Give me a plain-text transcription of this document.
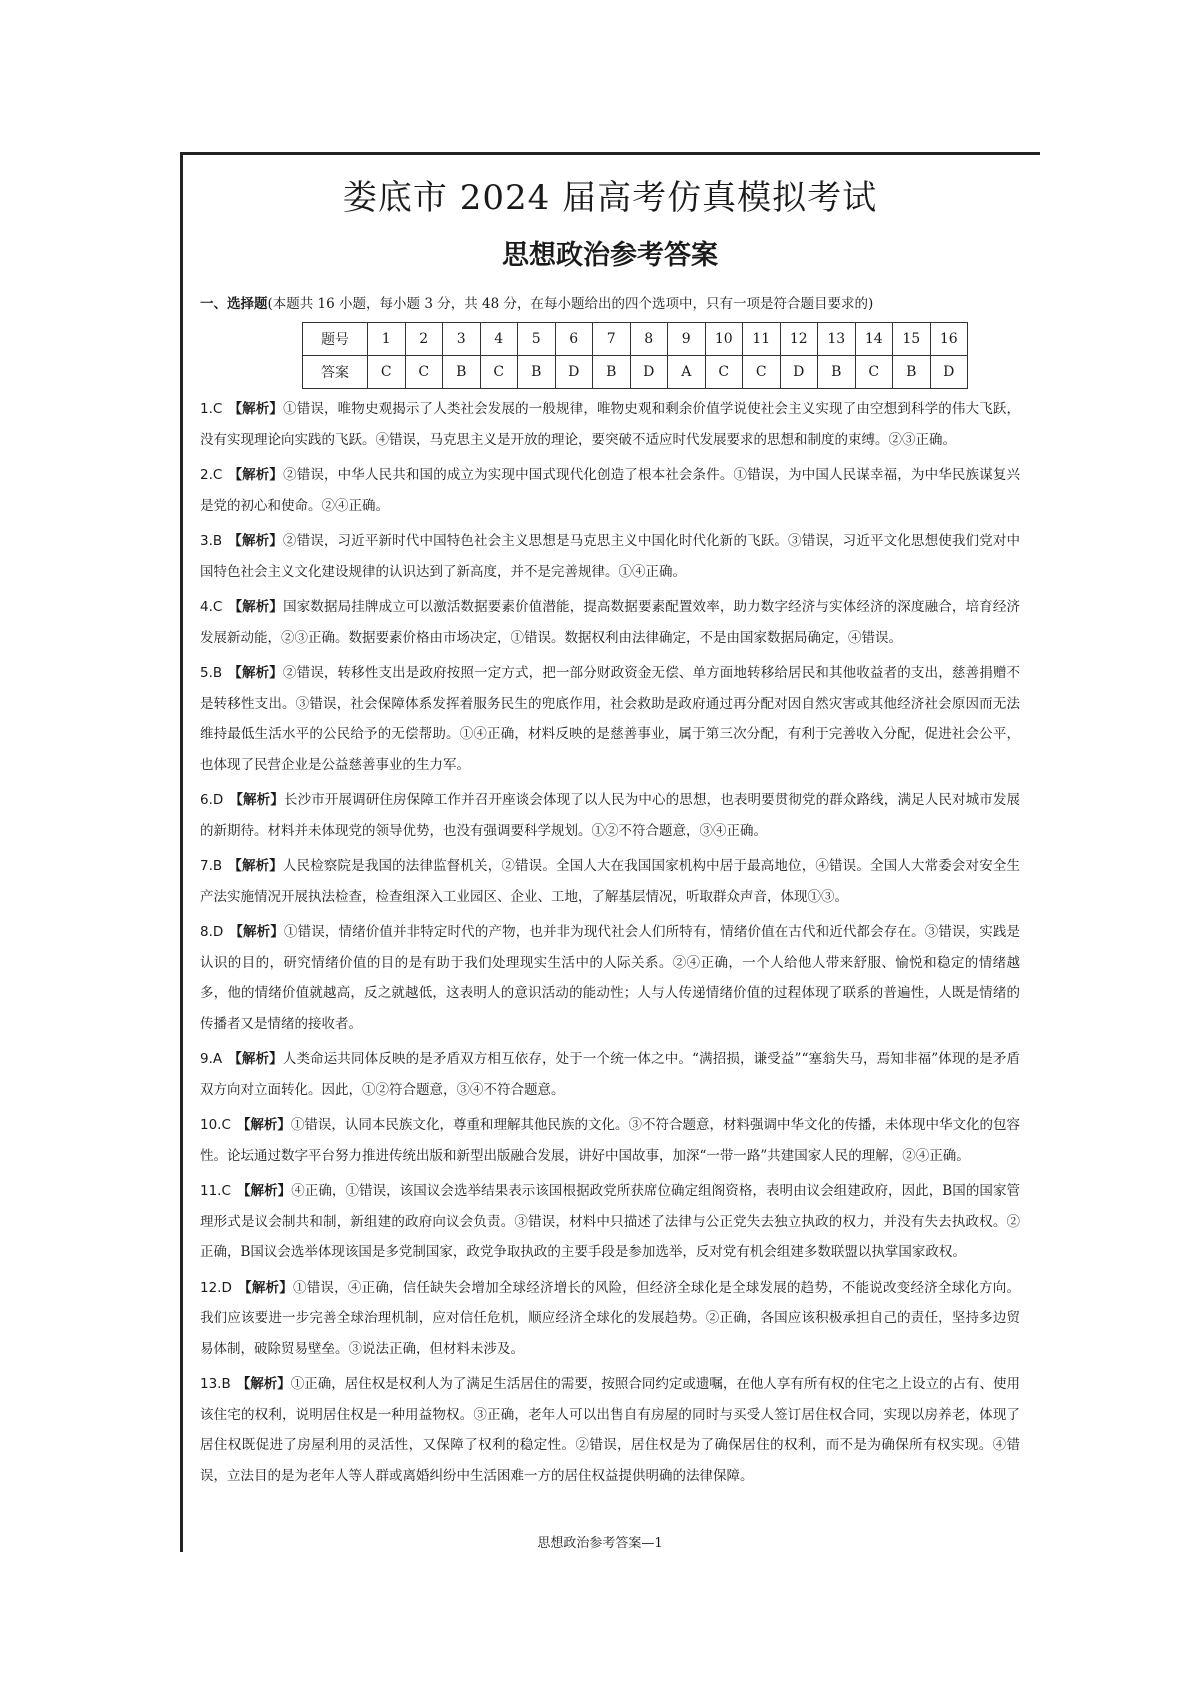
娄底市 2024 届高考仿真模拟考试
思想政治参考答案
一、选择题(本题共 16 小题，每小题 3 分，共 48 分，在每小题给出的四个选项中，只有一项是符合题目要求的)
题号	1	2	3	4	5	6	7	8	9	10	11	12	13	14	15	16
答案	C	C	B	C	B	D	B	D	A	C	C	D	B	C	B	D
1.C 【解析】①错误，唯物史观揭示了人类社会发展的一般规律，唯物史观和剩余价值学说使社会主义实现了由空想到科学的伟大飞跃，没有实现理论向实践的飞跃。④错误，马克思主义是开放的理论，要突破不适应时代发展要求的思想和制度的束缚。②③正确。
2.C 【解析】②错误，中华人民共和国的成立为实现中国式现代化创造了根本社会条件。①错误，为中国人民谋幸福，为中华民族谋复兴是党的初心和使命。②④正确。
3.B 【解析】②错误，习近平新时代中国特色社会主义思想是马克思主义中国化时代化新的飞跃。③错误，习近平文化思想使我们党对中国特色社会主义文化建设规律的认识达到了新高度，并不是完善规律。①④正确。
4.C 【解析】国家数据局挂牌成立可以激活数据要素价值潜能，提高数据要素配置效率，助力数字经济与实体经济的深度融合，培育经济发展新动能，②③正确。数据要素价格由市场决定，①错误。数据权利由法律确定，不是由国家数据局确定，④错误。
5.B 【解析】②错误，转移性支出是政府按照一定方式，把一部分财政资金无偿、单方面地转移给居民和其他收益者的支出，慈善捐赠不是转移性支出。③错误，社会保障体系发挥着服务民生的兜底作用，社会救助是政府通过再分配对因自然灾害或其他经济社会原因而无法维持最低生活水平的公民给予的无偿帮助。①④正确，材料反映的是慈善事业，属于第三次分配，有利于完善收入分配，促进社会公平，也体现了民营企业是公益慈善事业的生力军。
6.D 【解析】长沙市开展调研住房保障工作并召开座谈会体现了以人民为中心的思想，也表明要贯彻党的群众路线，满足人民对城市发展的新期待。材料并未体现党的领导优势，也没有强调要科学规划。①②不符合题意，③④正确。
7.B 【解析】人民检察院是我国的法律监督机关，②错误。全国人大在我国国家机构中居于最高地位，④错误。全国人大常委会对安全生产法实施情况开展执法检查，检查组深入工业园区、企业、工地，了解基层情况，听取群众声音，体现①③。
8.D 【解析】①错误，情绪价值并非特定时代的产物，也并非为现代社会人们所特有，情绪价值在古代和近代都会存在。③错误，实践是认识的目的，研究情绪价值的目的是有助于我们处理现实生活中的人际关系。②④正确，一个人给他人带来舒服、愉悦和稳定的情绪越多，他的情绪价值就越高，反之就越低，这表明人的意识活动的能动性；人与人传递情绪价值的过程体现了联系的普遍性，人既是情绪的传播者又是情绪的接收者。
9.A 【解析】人类命运共同体反映的是矛盾双方相互依存，处于一个统一体之中。“满招损，谦受益”“塞翁失马，焉知非福”体现的是矛盾双方向对立面转化。因此，①②符合题意，③④不符合题意。
10.C 【解析】①错误，认同本民族文化，尊重和理解其他民族的文化。③不符合题意，材料强调中华文化的传播，未体现中华文化的包容性。论坛通过数字平台努力推进传统出版和新型出版融合发展，讲好中国故事，加深“一带一路”共建国家人民的理解，②④正确。
11.C 【解析】④正确，①错误，该国议会选举结果表示该国根据政党所获席位确定组阁资格，表明由议会组建政府，因此，B国的国家管理形式是议会制共和制，新组建的政府向议会负责。③错误，材料中只描述了法律与公正党失去独立执政的权力，并没有失去执政权。②正确，B国议会选举体现该国是多党制国家，政党争取执政的主要手段是参加选举，反对党有机会组建多数联盟以执掌国家政权。
12.D 【解析】①错误，④正确，信任缺失会增加全球经济增长的风险，但经济全球化是全球发展的趋势，不能说改变经济全球化方向。我们应该要进一步完善全球治理机制，应对信任危机，顺应经济全球化的发展趋势。②正确，各国应该积极承担自己的责任，坚持多边贸易体制，破除贸易壁垒。③说法正确，但材料未涉及。
13.B 【解析】①正确，居住权是权利人为了满足生活居住的需要，按照合同约定或遗嘱，在他人享有所有权的住宅之上设立的占有、使用该住宅的权利，说明居住权是一种用益物权。③正确，老年人可以出售自有房屋的同时与买受人签订居住权合同，实现以房养老，体现了居住权既促进了房屋利用的灵活性，又保障了权利的稳定性。②错误，居住权是为了确保居住的权利，而不是为确保所有权实现。④错误，立法目的是为老年人等人群或离婚纠纷中生活困难一方的居住权益提供明确的法律保障。
思想政治参考答案—1
